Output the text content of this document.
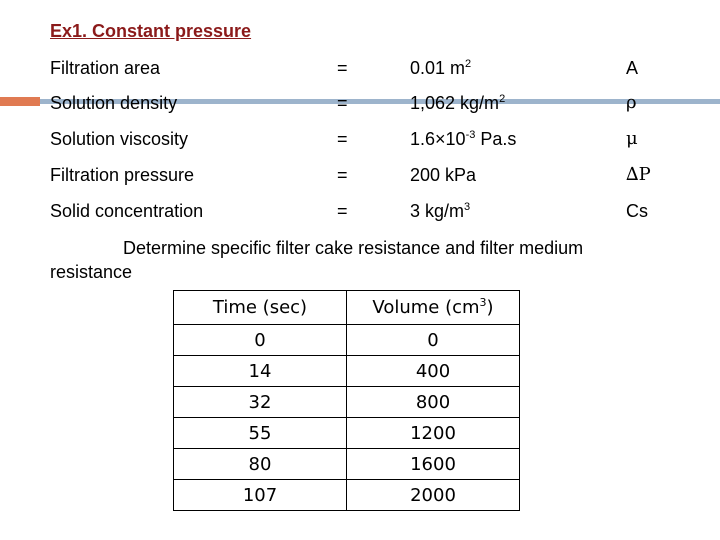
Ex1. Constant pressure
Filtration area	=	0.01 $m^2$	A
Solution density	=	1,062 $kg/m^2$	ρ
Solution viscosity	=	$1.6\times 10^{-3}$ Pa.s	μ
Filtration pressure	=	200 kPa	∆P
Solid concentration	=	3 $kg/m^3$	Cs
Determine specific filter cake resistance and filter medium resistance
Time (sec)	Volume $(cm^3)$
0	0
14	400
32	800
55	1200
80	1600
107	2000
